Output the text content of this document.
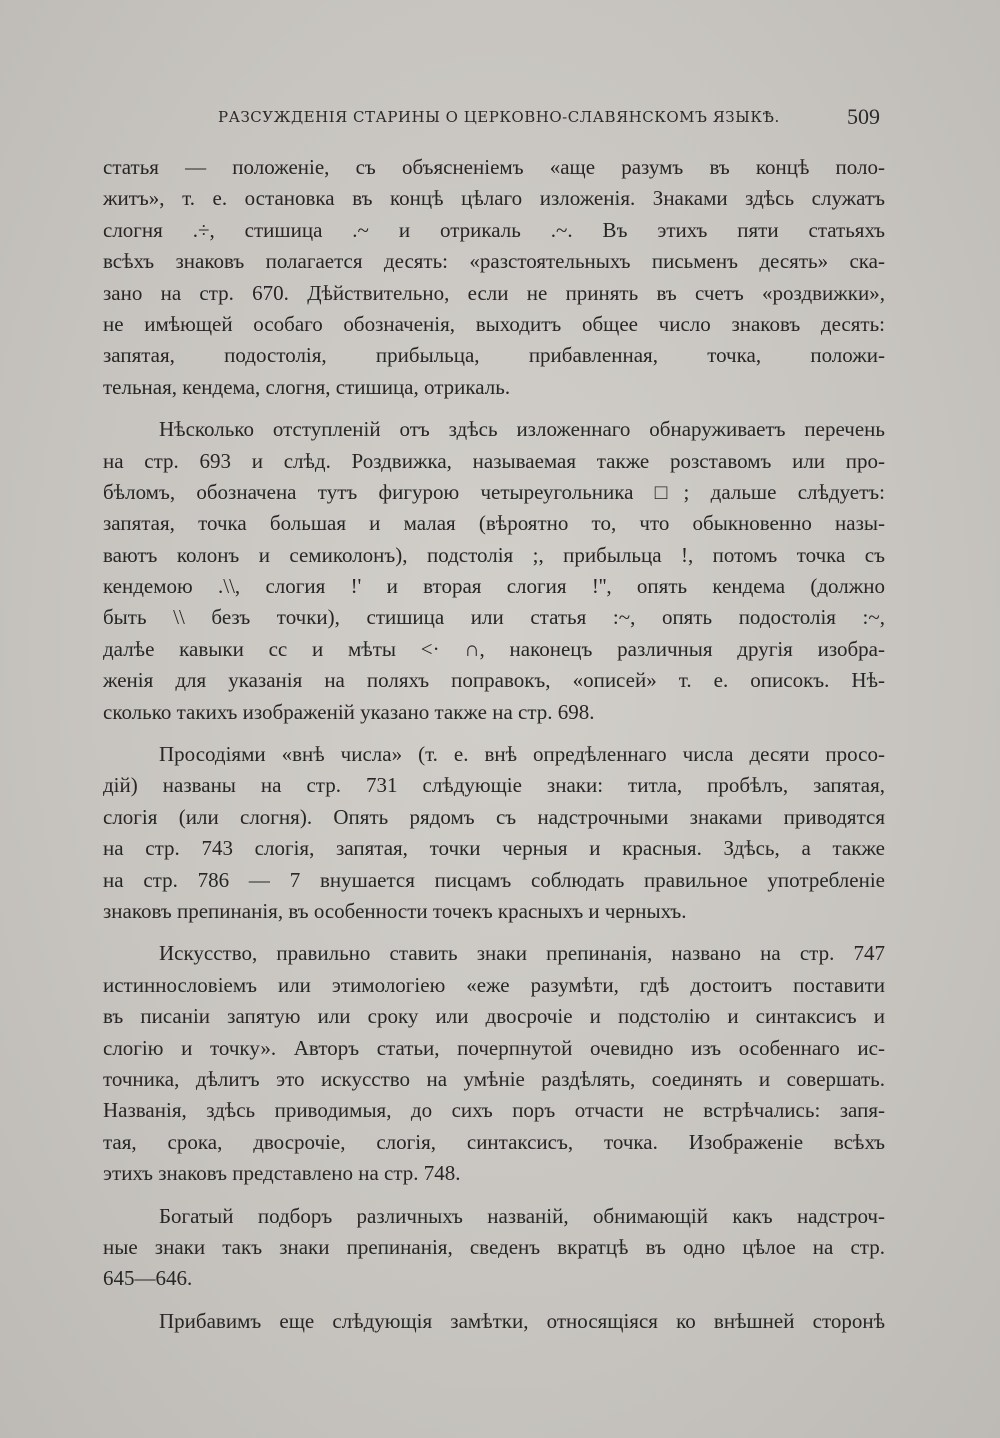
РАЗСУЖДЕНІЯ СТАРИНЫ О ЦЕРКОВНО-СЛАВЯНСКОМЪ ЯЗЫКѢ.	509
статья — положеніе, съ объясненіемъ «аще разумъ въ концѣ поло-
житъ», т. е. остановка въ концѣ цѣлаго изложенія. Знаками здѣсь служатъ
слогня .÷, стишица .~ и отрикаль .~. Въ этихъ пяти статьяхъ
всѣхъ знаковъ полагается десять: «разстоятельныхъ письменъ десять» ска-
зано на стр. 670. Дѣйствительно, если не принять въ счетъ «роздвижки»,
не имѣющей особаго обозначенія, выходитъ общее число знаковъ десять:
запятая, подостолія, прибыльца, прибавленная, точка, положи-
тельная, кендема, слогня, стишица, отрикаль.
Нѣсколько отступленій отъ здѣсь изложеннаго обнаруживаетъ перечень
на стр. 693 и слѣд. Роздвижка, называемая также розставомъ или про-
бѣломъ, обозначена тутъ фигурою четыреугольника □; дальше слѣдуетъ:
запятая, точка большая и малая (вѣроятно то, что обыкновенно назы-
ваютъ колонъ и семиколонъ), подстолія ;, прибыльца !, потомъ точка съ
кендемою .\\, слогия !' и вторая слогия !'', опять кендема (должно
быть \\ безъ точки), стишица или статья :~, опять подостолія :~,
далѣе кавыки сс и мѣты <· ∩, наконецъ различныя другія изобра-
женія для указанія на поляхъ поправокъ, «описей» т. е. описокъ. Нѣ-
сколько такихъ изображеній указано также на стр. 698.
Просодіями «внѣ числа» (т. е. внѣ опредѣленнаго числа десяти просо-
дій) названы на стр. 731 слѣдующіе знаки: титла, пробѣлъ, запятая,
слогія (или слогня). Опять рядомъ съ надстрочными знаками приводятся
на стр. 743 слогія, запятая, точки черныя и красныя. Здѣсь, а также
на стр. 786 — 7 внушается писцамъ соблюдать правильное употребленіе
знаковъ препинанія, въ особенности точекъ красныхъ и черныхъ.
Искусство, правильно ставить знаки препинанія, названо на стр. 747
истиннословіемъ или этимологіею «еже разумѣти, гдѣ достоитъ поставити
въ писаніи запятую или сроку или двосрочіе и подстолію и синтаксисъ и
слогію и точку». Авторъ статьи, почерпнутой очевидно изъ особеннаго ис-
точника, дѣлитъ это искусство на умѣніе раздѣлять, соединять и совершать.
Названія, здѣсь приводимыя, до сихъ поръ отчасти не встрѣчались: запя-
тая, срока, двосрочіе, слогія, синтаксисъ, точка. Изображеніе всѣхъ
этихъ знаковъ представлено на стр. 748.
Богатый подборъ различныхъ названій, обнимающій какъ надстроч-
ные знаки такъ знаки препинанія, сведенъ вкратцѣ въ одно цѣлое на стр.
645—646.
Прибавимъ еще слѣдующія замѣтки, относящіяся ко внѣшней сторонѣ
